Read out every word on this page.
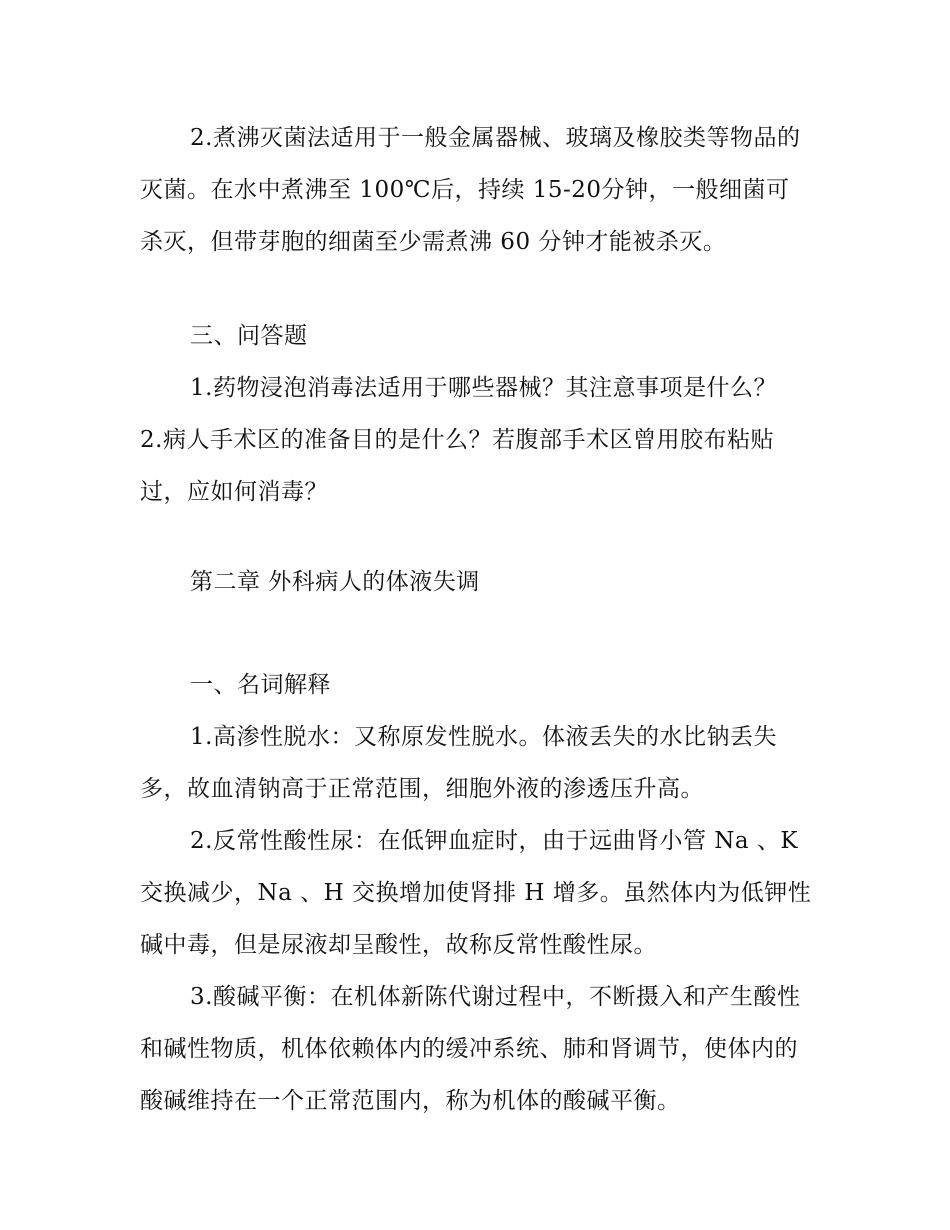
2.煮沸灭菌法适用于一般金属器械、玻璃及橡胶类等物品的灭菌。在水中煮沸至 100℃后，持续 15-20分钟，一般细菌可杀灭，但带芽胞的细菌至少需煮沸 60 分钟才能被杀灭。

三、问答题

1.药物浸泡消毒法适用于哪些器械？其注意事项是什么？

2.病人手术区的准备目的是什么？若腹部手术区曾用胶布粘贴过，应如何消毒？

第二章 外科病人的体液失调

一、名词解释

1.高渗性脱水：又称原发性脱水。体液丢失的水比钠丢失多，故血清钠高于正常范围，细胞外液的渗透压升高。

2.反常性酸性尿：在低钾血症时，由于远曲肾小管 Na 、K 交换减少，Na 、H 交换增加使肾排 H 增多。虽然体内为低钾性碱中毒，但是尿液却呈酸性，故称反常性酸性尿。

3.酸碱平衡：在机体新陈代谢过程中，不断摄入和产生酸性和碱性物质，机体依赖体内的缓冲系统、肺和肾调节，使体内的酸碱维持在一个正常范围内，称为机体的酸碱平衡。
